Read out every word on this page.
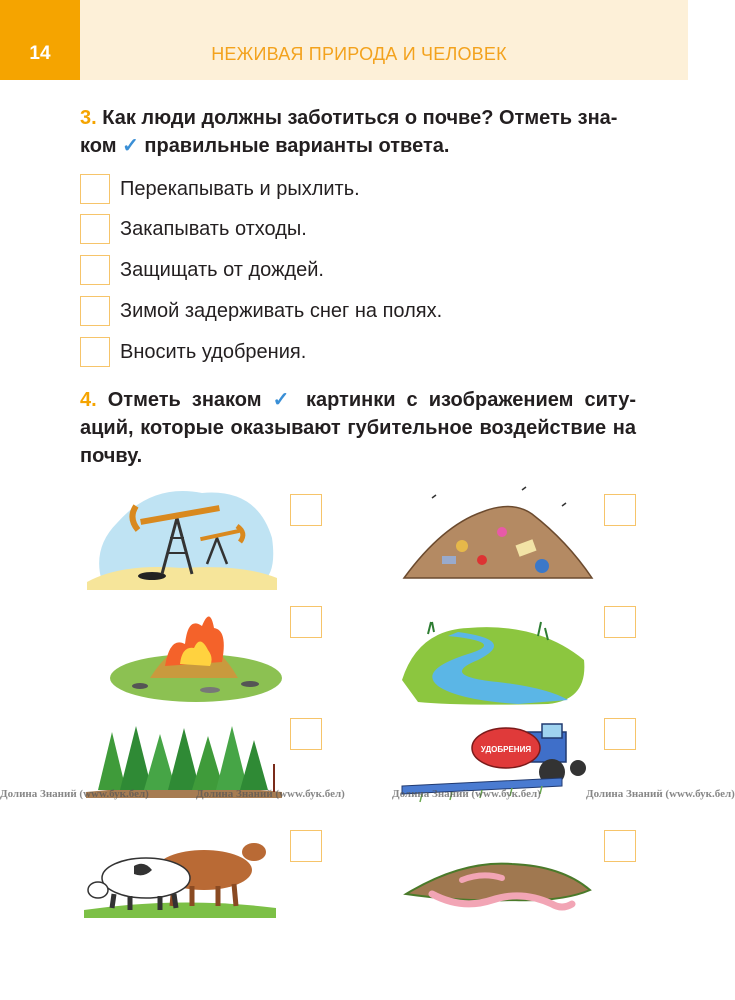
14	НЕЖИВАЯ ПРИРОДА И ЧЕЛОВЕК
3. Как люди должны заботиться о почве? Отметь зна-
ком ✓ правильные варианты ответа.
Перекапывать и рыхлить.
Закапывать отходы.
Защищать от дождей.
Зимой задерживать снег на полях.
Вносить удобрения.
4. Отметь знаком ✓ картинки с изображением ситу-аций, которые оказывают губительное воздействие на почву.
УДОБРЕНИЯ
Долина Знаний (www.бук.бел)	Долина Знаний (www.бук.бел)	Долина Знаний (www.бук.бел)	Долина Знаний (www.бук.бел)
